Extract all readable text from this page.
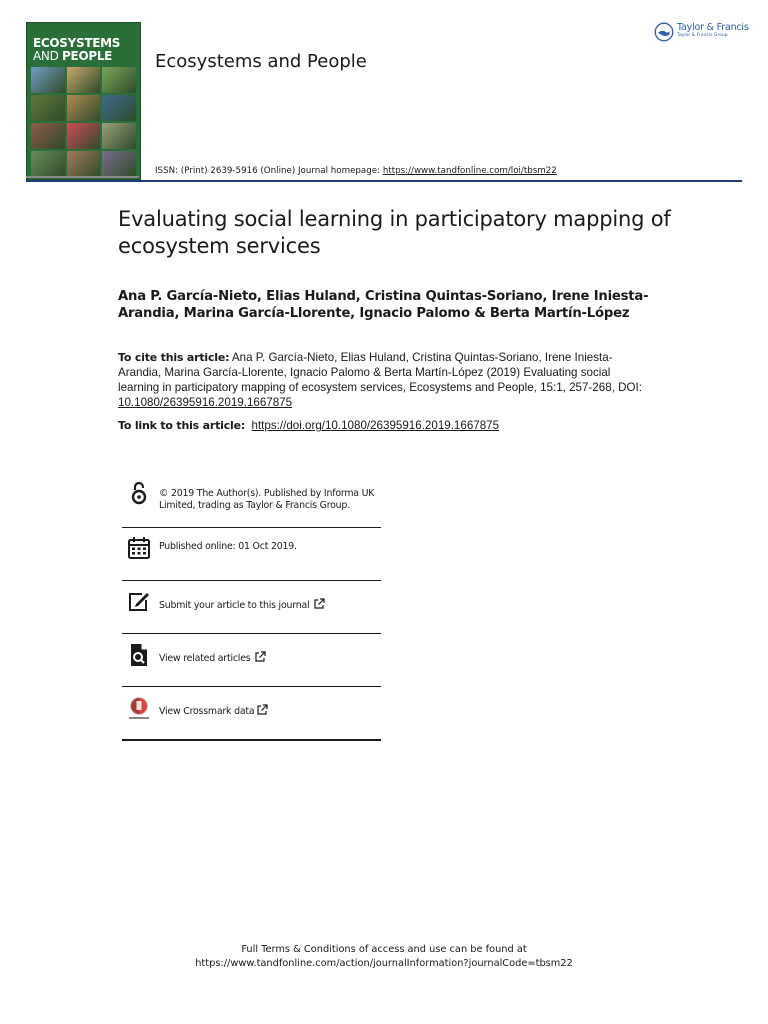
ECOSYSTEMS
AND PEOPLE	Ecosystems and People
Taylor & Francis
Taylor & Francis Group
ISSN: (Print) 2639-5916 (Online) Journal homepage: https://www.tandfonline.com/loi/tbsm22
Evaluating social learning in participatory mapping of ecosystem services
Ana P. García-Nieto, Elias Huland, Cristina Quintas-Soriano, Irene Iniesta-Arandia, Marina García-Llorente, Ignacio Palomo & Berta Martín-López
To cite this article: Ana P. García-Nieto, Elias Huland, Cristina Quintas-Soriano, Irene Iniesta-Arandia, Marina García-Llorente, Ignacio Palomo & Berta Martín-López (2019) Evaluating social learning in participatory mapping of ecosystem services, Ecosystems and People, 15:1, 257-268, DOI: 10.1080/26395916.2019.1667875
To link to this article: https://doi.org/10.1080/26395916.2019.1667875
© 2019 The Author(s). Published by Informa UK Limited, trading as Taylor & Francis Group.
Published online: 01 Oct 2019.
Submit your article to this journal
View related articles
View Crossmark data
Full Terms & Conditions of access and use can be found at
https://www.tandfonline.com/action/journalInformation?journalCode=tbsm22
